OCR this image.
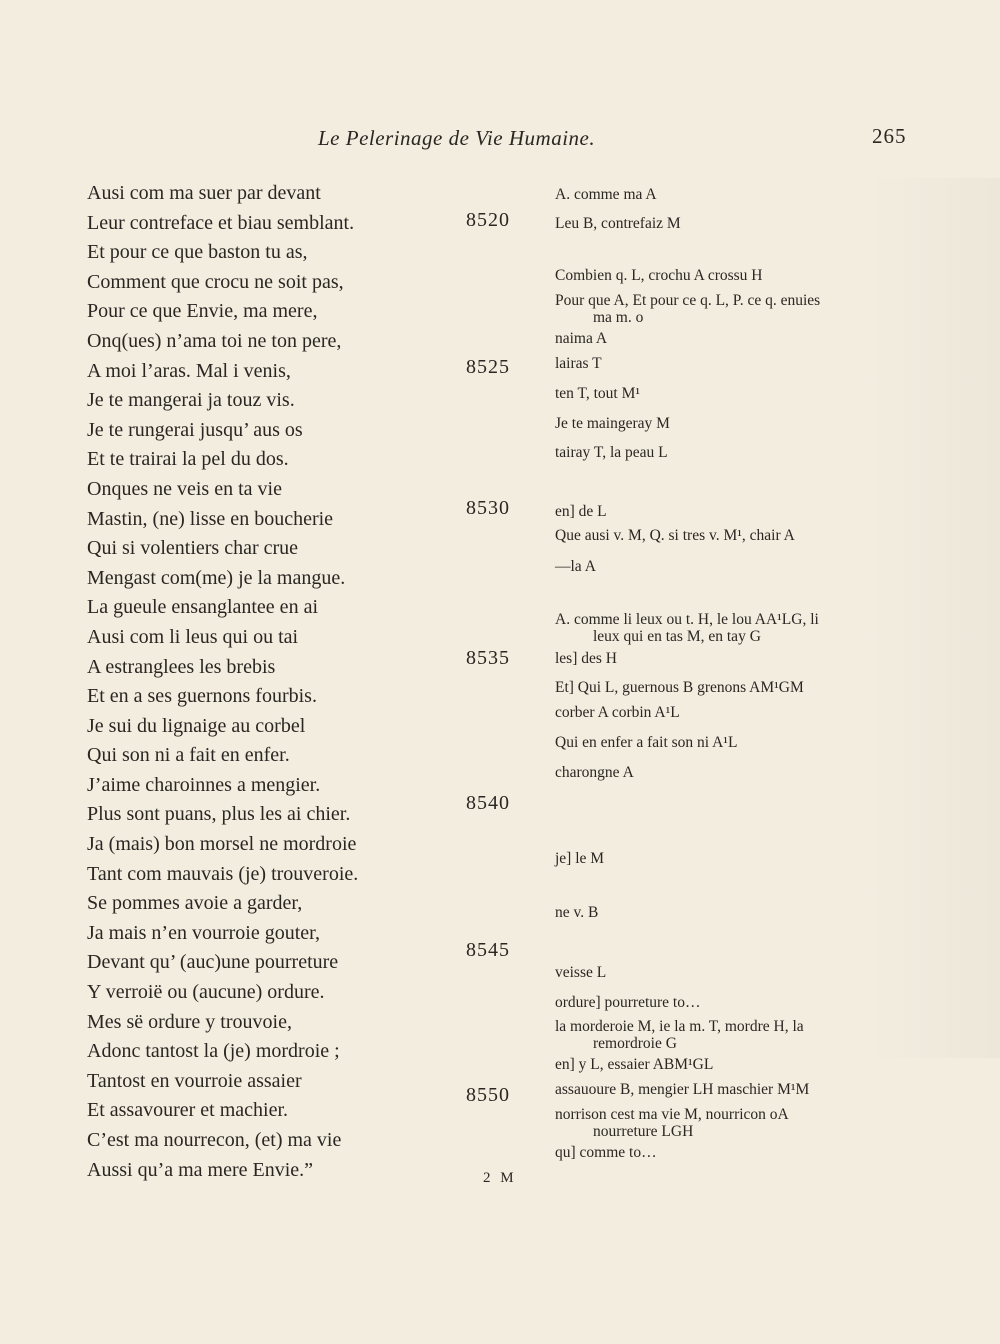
Le Pelerinage de Vie Humaine.	265
Ausi com ma suer par devant
Leur contreface et biau semblant.
Et pour ce que baston tu as,
Comment que crocu ne soit pas,
Pour ce que Envie, ma mere,
Onq(ues) n’ama toi ne ton pere,
A moi l’aras. Mal i venis,
Je te mangerai ja touz vis.
Je te rungerai jusqu’ aus os
Et te trairai la pel du dos.
Onques ne veis en ta vie
Mastin, (ne) lisse en boucherie
Qui si volentiers char crue
Mengast com(me) je la mangue.
La gueule ensanglantee en ai
Ausi com li leus qui ou tai
A estranglees les brebis
Et en a ses guernons fourbis.
Je sui du lignaige au corbel
Qui son ni a fait en enfer.
J’aime charoinnes a mengier.
Plus sont puans, plus les ai chier.
Ja (mais) bon morsel ne mordroie
Tant com mauvais (je) trouveroie.
Se pommes avoie a garder,
Ja mais n’en vourroie gouter,
Devant qu’ (auc)une pourreture
Y verroië ou (aucune) ordure.
Mes së ordure y trouvoie,
Adonc tantost la (je) mordroie ;
Tantost en vourroie assaier
Et assavourer et machier.
C’est ma nourrecon, (et) ma vie
Aussi qu’a ma mere Envie.”
8520
8525
8530
8535
8540
8545
8550
A. comme ma A
Leu B, contrefaiz M
Combien q. L, crochu A crossu H
Pour que A, Et pour ce q. L, P. ce q. enuies
ma m. o
naima A
lairas T
ten T, tout M¹
Je te maingeray M
tairay T, la peau L
en] de L
Que ausi v. M, Q. si tres v. M¹, chair A
—la A
A. comme li leux ou t. H, le lou AA¹LG, li
leux qui en tas M, en tay G
les] des H
Et] Qui L, guernous B grenons AM¹GM
corber A corbin A¹L
Qui en enfer a fait son ni A¹L
charongne A
je] le M
ne v. B
veisse L
ordure] pourreture to…
la morderoie M, ie la m. T, mordre H, la
remordroie G
en] y L, essaier ABM¹GL
assauoure B, mengier LH maschier M¹M
norrison cest ma vie M, nourricon oA
nourreture LGH
qu] comme to…
2 M
